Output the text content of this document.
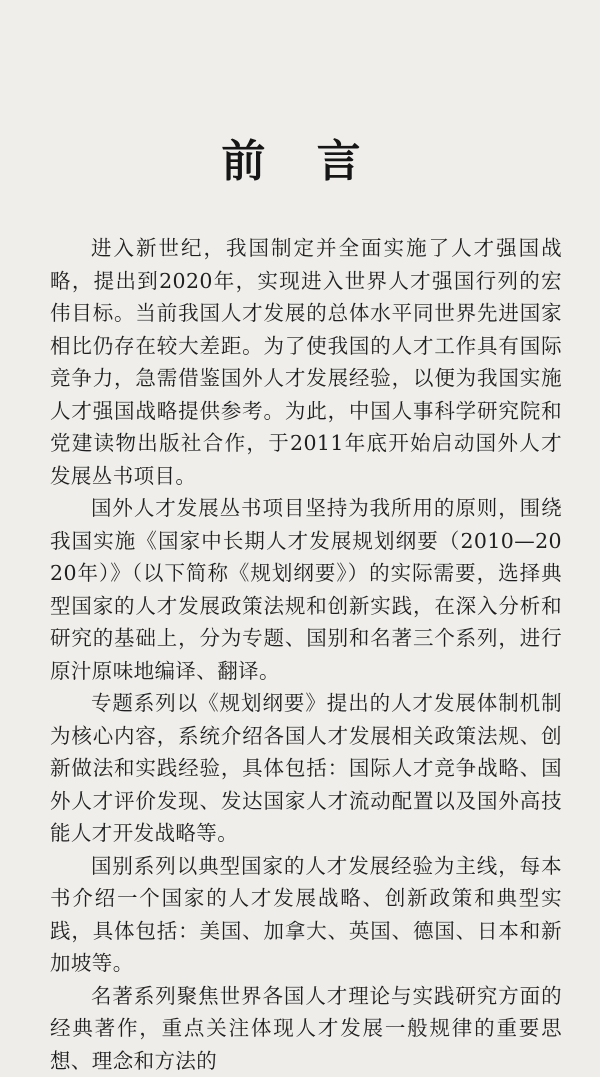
前 言

进入新世纪，我国制定并全面实施了人才强国战略，提出到2020年，实现进入世界人才强国行列的宏伟目标。当前我国人才发展的总体水平同世界先进国家相比仍存在较大差距。为了使我国的人才工作具有国际竞争力，急需借鉴国外人才发展经验，以便为我国实施人才强国战略提供参考。为此，中国人事科学研究院和党建读物出版社合作，于2011年底开始启动国外人才发展丛书项目。

国外人才发展丛书项目坚持为我所用的原则，围绕我国实施《国家中长期人才发展规划纲要（2010—2020年）》（以下简称《规划纲要》）的实际需要，选择典型国家的人才发展政策法规和创新实践，在深入分析和研究的基础上，分为专题、国别和名著三个系列，进行原汁原味地编译、翻译。

专题系列以《规划纲要》提出的人才发展体制机制为核心内容，系统介绍各国人才发展相关政策法规、创新做法和实践经验，具体包括：国际人才竞争战略、国外人才评价发现、发达国家人才流动配置以及国外高技能人才开发战略等。

国别系列以典型国家的人才发展经验为主线，每本书介绍一个国家的人才发展战略、创新政策和典型实践，具体包括：美国、加拿大、英国、德国、日本和新加坡等。

名著系列聚焦世界各国人才理论与实践研究方面的经典著作，重点关注体现人才发展一般规律的重要思想、理念和方法的
